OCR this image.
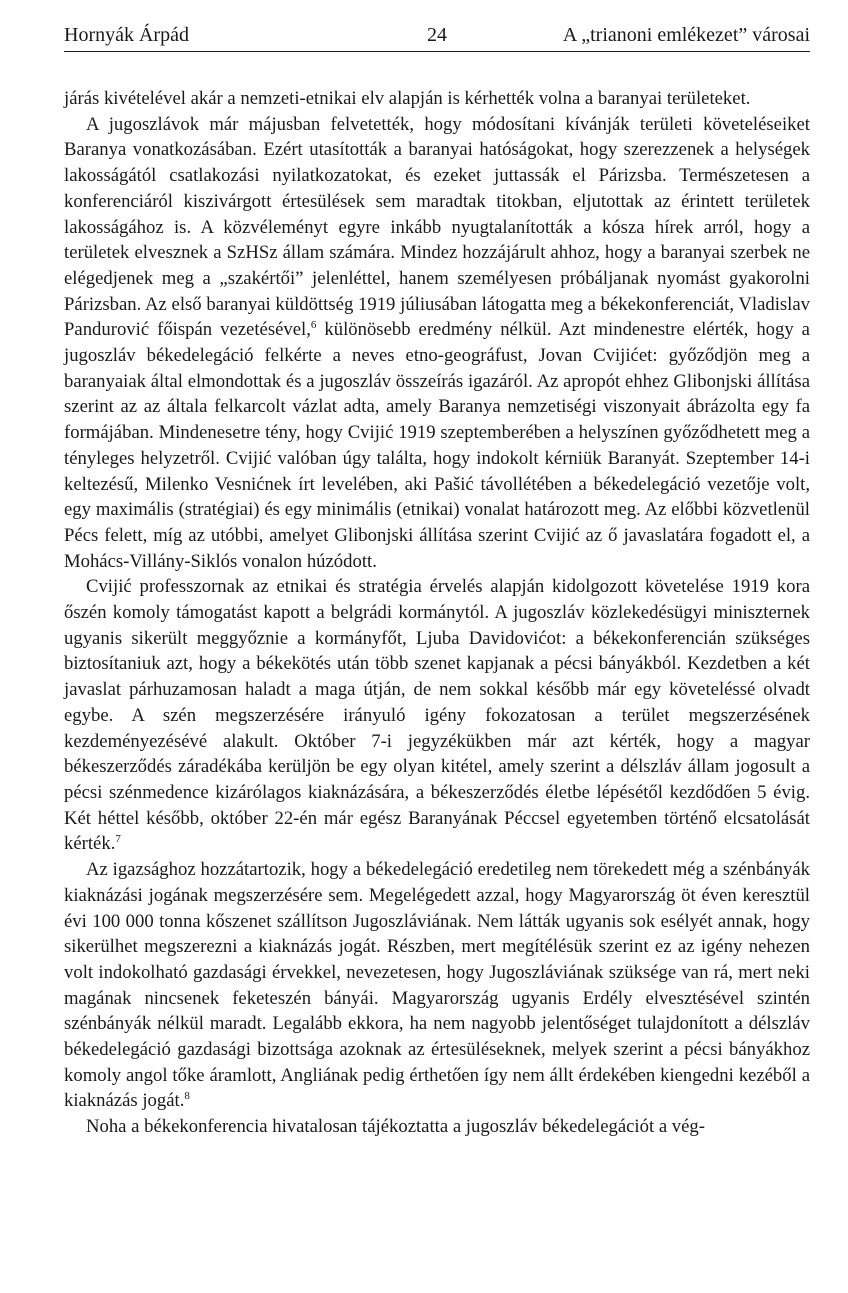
Hornyák Árpád	24	A „trianoni emlékezet” városai

járás kivételével akár a nemzeti-etnikai elv alapján is kérhették volna a baranyai területeket.

A jugoszlávok már májusban felvetették, hogy módosítani kívánják területi követeléseiket Baranya vonatkozásában. Ezért utasították a baranyai hatóságokat, hogy szerezzenek a helységek lakosságától csatlakozási nyilatkozatokat, és ezeket juttassák el Párizsba. Természetesen a konferenciáról kiszivárgott értesülések sem maradtak titokban, eljutottak az érintett területek lakosságához is. A közvéleményt egyre inkább nyugtalanították a kósza hírek arról, hogy a területek elvesznek a SzHSz állam számára. Mindez hozzájárult ahhoz, hogy a baranyai szerbek ne elégedjenek meg a „szakértői” jelenléttel, hanem személyesen próbáljanak nyomást gyakorolni Párizsban. Az első baranyai küldöttség 1919 júliusában látogatta meg a békekonferenciát, Vladislav Pandurović főispán vezetésével,$^6$ különösebb eredmény nélkül. Azt mindenestre elérték, hogy a jugoszláv békedelegáció felkérte a neves etno-geográfust, Jovan Cvijićet: győződjön meg a baranyaiak által elmondottak és a jugoszláv összeírás igazáról. Az apropót ehhez Glibonjski állítása szerint az az általa felkarcolt vázlat adta, amely Baranya nemzetiségi viszonyait ábrázolta egy fa formájában. Mindenesetre tény, hogy Cvijić 1919 szeptemberében a helyszínen győződhetett meg a tényleges helyzetről. Cvijić valóban úgy találta, hogy indokolt kérniük Baranyát. Szeptember 14-i keltezésű, Milenko Vesnićnek írt levelében, aki Pašić távollétében a békedelegáció vezetője volt, egy maximális (stratégiai) és egy minimális (etnikai) vonalat határozott meg. Az előbbi közvetlenül Pécs felett, míg az utóbbi, amelyet Glibonjski állítása szerint Cvijić az ő javaslatára fogadott el, a Mohács-Villány-Siklós vonalon húzódott.

Cvijić professzornak az etnikai és stratégia érvelés alapján kidolgozott követelése 1919 kora őszén komoly támogatást kapott a belgrádi kormánytól. A jugoszláv közlekedésügyi miniszternek ugyanis sikerült meggyőznie a kormányfőt, Ljuba Davidovićot: a békekonferencián szükséges biztosítaniuk azt, hogy a békekötés után több szenet kapjanak a pécsi bányákból. Kezdetben a két javaslat párhuzamosan haladt a maga útján, de nem sokkal később már egy követeléssé olvadt egybe. A szén megszerzésére irányuló igény fokozatosan a terület megszerzésének kezdeményezésévé alakult. Október 7-i jegyzékükben már azt kérték, hogy a magyar békeszerződés záradékába kerüljön be egy olyan kitétel, amely szerint a délszláv állam jogosult a pécsi szénmedence kizárólagos kiaknázására, a békeszerződés életbe lépésétől kezdődően 5 évig. Két héttel később, október 22-én már egész Baranyának Péccsel egyetemben történő elcsatolását kérték.$^7$

Az igazsághoz hozzátartozik, hogy a békedelegáció eredetileg nem törekedett még a szénbányák kiaknázási jogának megszerzésére sem. Megelégedett azzal, hogy Magyarország öt éven keresztül évi 100 000 tonna kőszenet szállítson Jugoszláviának. Nem látták ugyanis sok esélyét annak, hogy sikerülhet megszerezni a kiaknázás jogát. Részben, mert megítélésük szerint ez az igény nehezen volt indokolható gazdasági érvekkel, nevezetesen, hogy Jugoszláviának szüksége van rá, mert neki magának nincsenek feketeszén bányái. Magyarország ugyanis Erdély elvesztésével szintén szénbányák nélkül maradt. Legalább ekkora, ha nem nagyobb jelentőséget tulajdonított a délszláv békedelegáció gazdasági bizottsága azoknak az értesüléseknek, melyek szerint a pécsi bányákhoz komoly angol tőke áramlott, Angliának pedig érthetően így nem állt érdekében kiengedni kezéből a kiaknázás jogát.$^8$

Noha a békekonferencia hivatalosan tájékoztatta a jugoszláv békedelegációt a vég-
